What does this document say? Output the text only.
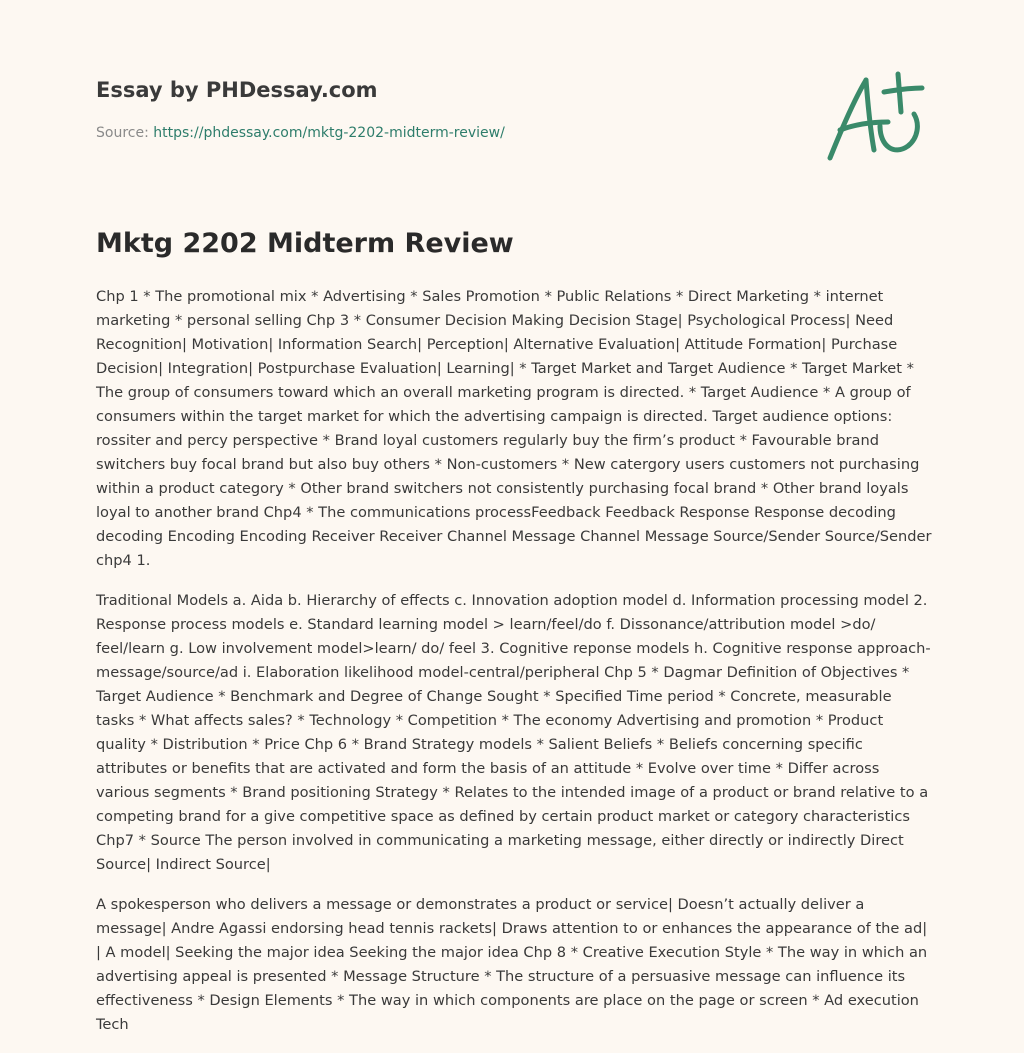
Essay by PHDessay.com
Source: https://phdessay.com/mktg-2202-midterm-review/
Mktg 2202 Midterm Review

Chp 1 * The promotional mix * Advertising * Sales Promotion * Public Relations * Direct Marketing * internet marketing * personal selling Chp 3 * Consumer Decision Making Decision Stage| Psychological Process| Need Recognition| Motivation| Information Search| Perception| Alternative Evaluation| Attitude Formation| Purchase Decision| Integration| Postpurchase Evaluation| Learning| * Target Market and Target Audience * Target Market * The group of consumers toward which an overall marketing program is directed. * Target Audience * A group of consumers within the target market for which the advertising campaign is directed. Target audience options: rossiter and percy perspective * Brand loyal customers regularly buy the firm’s product * Favourable brand switchers buy focal brand but also buy others * Non-customers * New catergory users customers not purchasing within a product category * Other brand switchers not consistently purchasing focal brand * Other brand loyals loyal to another brand Chp4 * The communications processFeedback Feedback Response Response decoding decoding Encoding Encoding Receiver Receiver Channel Message Channel Message Source/Sender Source/Sender chp4 1.

Traditional Models a. Aida b. Hierarchy of effects c. Innovation adoption model d. Information processing model 2. Response process models e. Standard learning model > learn/feel/do f. Dissonance/attribution model >do/ feel/learn g. Low involvement model>learn/ do/ feel 3. Cognitive reponse models h. Cognitive response approach- message/source/ad i. Elaboration likelihood model-central/peripheral Chp 5 * Dagmar Definition of Objectives * Target Audience * Benchmark and Degree of Change Sought * Specified Time period * Concrete, measurable tasks * What affects sales? * Technology * Competition * The economy Advertising and promotion * Product quality * Distribution * Price Chp 6 * Brand Strategy models * Salient Beliefs * Beliefs concerning specific attributes or benefits that are activated and form the basis of an attitude * Evolve over time * Differ across various segments * Brand positioning Strategy * Relates to the intended image of a product or brand relative to a competing brand for a give competitive space as defined by certain product market or category characteristics Chp7 * Source The person involved in communicating a marketing message, either directly or indirectly Direct Source| Indirect Source|

A spokesperson who delivers a message or demonstrates a product or service| Doesn’t actually deliver a message| Andre Agassi endorsing head tennis rackets| Draws attention to or enhances the appearance of the ad| | A model| Seeking the major idea Seeking the major idea Chp 8 * Creative Execution Style * The way in which an advertising appeal is presented * Message Structure * The structure of a persuasive message can influence its effectiveness * Design Elements * The way in which components are place on the page or screen * Ad execution Tech
